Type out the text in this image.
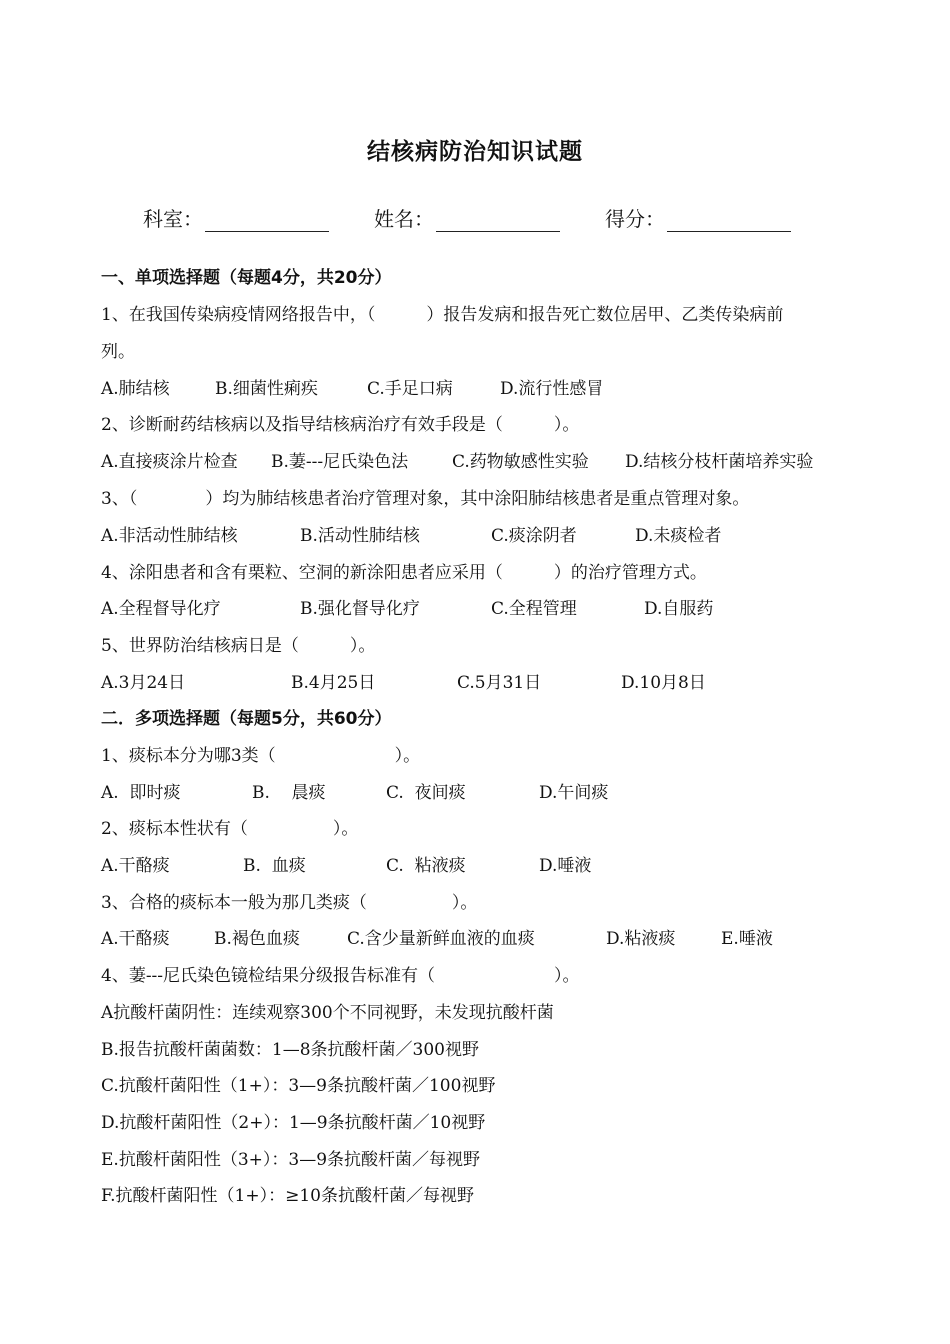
结核病防治知识试题
科室：	姓名：	得分：

一、单项选择题（每题4分，共20分）

1、在我国传染病疫情网络报告中，（　　　）报告发病和报告死亡数位居甲、乙类传染病前

列。

A.肺结核	B.细菌性痢疾	C.手足口病	D.流行性感冒

2、诊断耐药结核病以及指导结核病治疗有效手段是（　　　）。

A.直接痰涂片检查 B.萋---尼氏染色法	C.药物敏感性实验 D.结核分枝杆菌培养实验

3、（　　　　）均为肺结核患者治疗管理对象，其中涂阳肺结核患者是重点管理对象。

A.非活动性肺结核	B.活动性肺结核	C.痰涂阴者	D.未痰检者

4、涂阳患者和含有栗粒、空洞的新涂阳患者应采用（　　　）的治疗管理方式。

A.全程督导化疗	B.强化督导化疗	C.全程管理	D.自服药

5、世界防治结核病日是（　　　）。

A.3月24日	B.4月25日	C.5月31日	D.10月8日

二．多项选择题（每题5分，共60分）

1、痰标本分为哪3类（　　　　　　　）。

A.  即时痰	B.    晨痰	C.  夜间痰	D.午间痰

2、痰标本性状有（　　　　　）。

A.干酪痰	B.  血痰	C.  粘液痰	D.唾液

3、合格的痰标本一般为那几类痰（　　　　　）。

A.干酪痰	B.褐色血痰	C.含少量新鲜血液的血痰	D.粘液痰	E.唾液

4、萋---尼氏染色镜检结果分级报告标准有（　　　　　　　）。

A抗酸杆菌阴性：连续观察300个不同视野，未发现抗酸杆菌

B.报告抗酸杆菌菌数：1—8条抗酸杆菌／300视野

C.抗酸杆菌阳性（1+）：3—9条抗酸杆菌／100视野

D.抗酸杆菌阳性（2+）：1—9条抗酸杆菌／10视野

E.抗酸杆菌阳性（3+）：3—9条抗酸杆菌／每视野

F.抗酸杆菌阳性（1+）：≥10条抗酸杆菌／每视野
